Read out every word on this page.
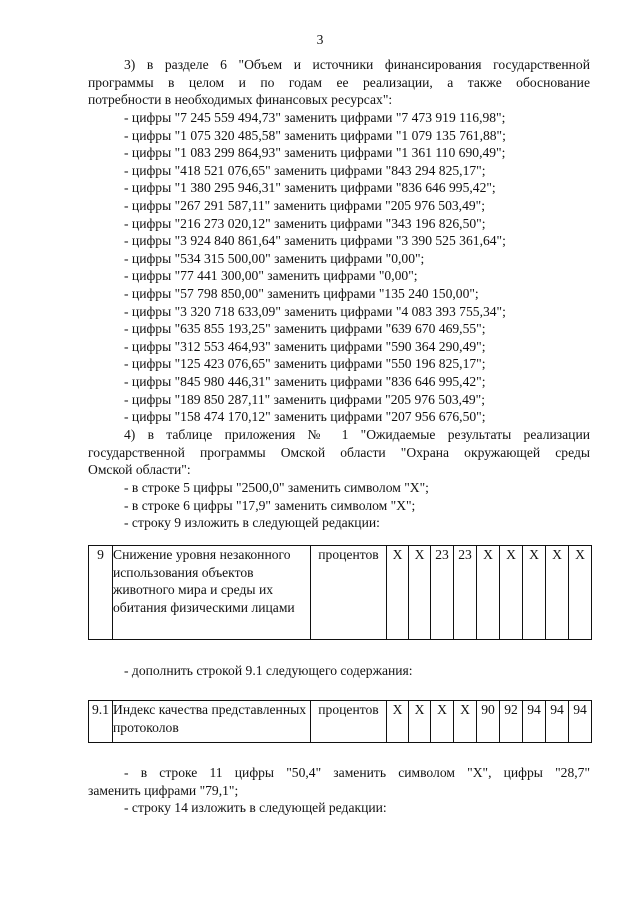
3
3) в разделе 6 "Объем и источники финансирования государственной
программы в целом и по годам ее реализации, а также обоснование
потребности в необходимых финансовых ресурсах":
- цифры "7 245 559 494,73" заменить цифрами "7 473 919 116,98";
- цифры "1 075 320 485,58" заменить цифрами "1 079 135 761,88";
- цифры "1 083 299 864,93" заменить цифрами "1 361 110 690,49";
- цифры "418 521 076,65" заменить цифрами "843 294 825,17";
- цифры "1 380 295 946,31" заменить цифрами "836 646 995,42";
- цифры "267 291 587,11" заменить цифрами "205 976 503,49";
- цифры "216 273 020,12" заменить цифрами "343 196 826,50";
- цифры "3 924 840 861,64" заменить цифрами "3 390 525 361,64";
- цифры "534 315 500,00" заменить цифрами "0,00";
- цифры "77 441 300,00" заменить цифрами "0,00";
- цифры "57 798 850,00" заменить цифрами "135 240 150,00";
- цифры "3 320 718 633,09" заменить цифрами "4 083 393 755,34";
- цифры "635 855 193,25" заменить цифрами "639 670 469,55";
- цифры "312 553 464,93" заменить цифрами "590 364 290,49";
- цифры "125 423 076,65" заменить цифрами "550 196 825,17";
- цифры "845 980 446,31" заменить цифрами "836 646 995,42";
- цифры "189 850 287,11" заменить цифрами "205 976 503,49";
- цифры "158 474 170,12" заменить цифрами "207 956 676,50";
4) в таблице приложения № 1 "Ожидаемые результаты реализации
государственной программы Омской области "Охрана окружающей среды
Омской области":
- в строке 5 цифры "2500,0" заменить символом "Х";
- в строке 6 цифры "17,9" заменить символом "Х";
- строку 9 изложить в следующей редакции:
9	Снижение уровня незаконного использования объектов животного мира и среды их обитания физическими лицами	процентов	Х	Х	23	23	Х	Х	Х	Х	Х
- дополнить строкой 9.1 следующего содержания:
9.1	Индекс качества представленных протоколов	процентов	Х	Х	Х	Х	90	92	94	94	94
- в строке 11 цифры "50,4" заменить символом "Х", цифры "28,7"
заменить цифрами "79,1";
- строку 14 изложить в следующей редакции:
